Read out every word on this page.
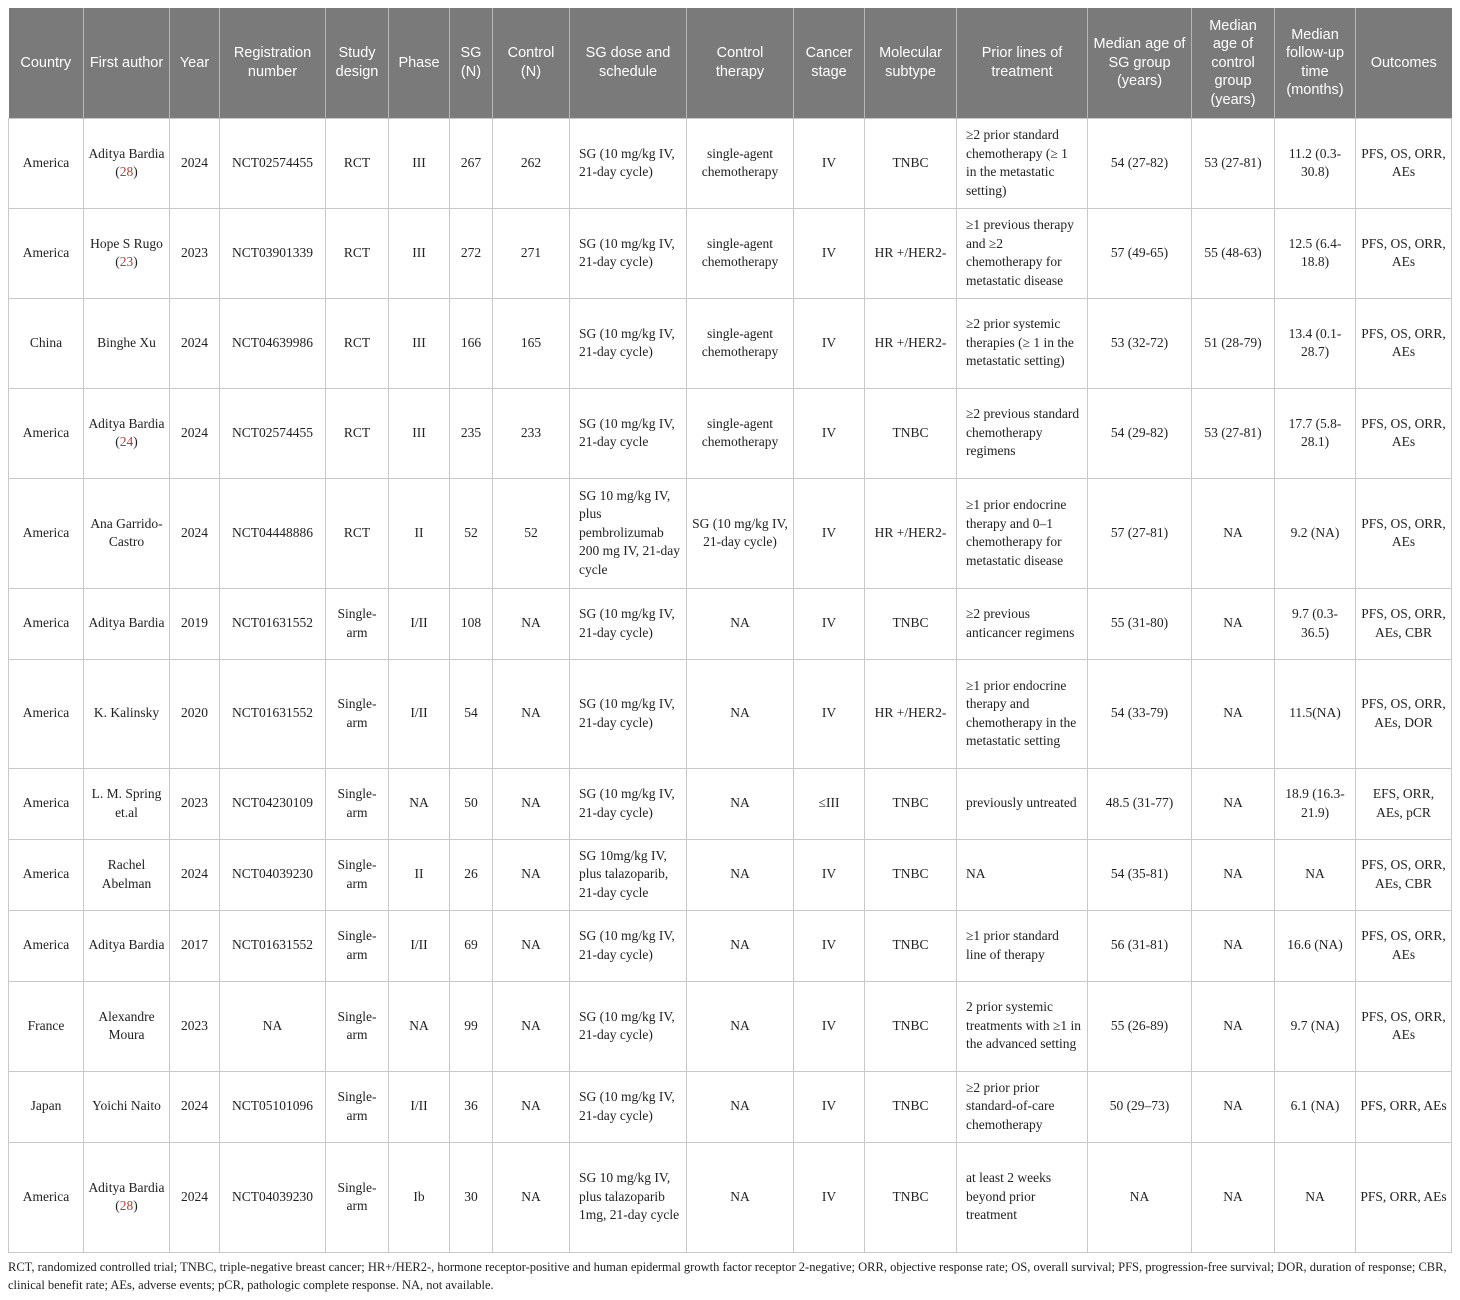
Country	First author	Year	Registration number	Study design	Phase	SG (N)	Control (N)	SG dose and schedule	Control therapy	Cancer stage	Molecular subtype	Prior lines of treatment	Median age of SG group (years)	Median age of control group (years)	Median follow-up time (months)	Outcomes
America	Aditya Bardia (28)	2024	NCT02574455	RCT	III	267	262	SG (10 mg/kg IV, 21-day cycle)	single-agent chemotherapy	IV	TNBC	≥2 prior standard chemotherapy (≥ 1 in the metastatic setting)	54 (27-82)	53 (27-81)	11.2 (0.3-30.8)	PFS, OS, ORR, AEs
America	Hope S Rugo (23)	2023	NCT03901339	RCT	III	272	271	SG (10 mg/kg IV, 21-day cycle)	single-agent chemotherapy	IV	HR +/HER2-	≥1 previous therapy and ≥2 chemotherapy for metastatic disease	57 (49-65)	55 (48-63)	12.5 (6.4-18.8)	PFS, OS, ORR, AEs
China	Binghe Xu	2024	NCT04639986	RCT	III	166	165	SG (10 mg/kg IV, 21-day cycle)	single-agent chemotherapy	IV	HR +/HER2-	≥2 prior systemic therapies (≥ 1 in the metastatic setting)	53 (32-72)	51 (28-79)	13.4 (0.1-28.7)	PFS, OS, ORR, AEs
America	Aditya Bardia (24)	2024	NCT02574455	RCT	III	235	233	SG (10 mg/kg IV, 21-day cycle	single-agent chemotherapy	IV	TNBC	≥2 previous standard chemotherapy regimens	54 (29-82)	53 (27-81)	17.7 (5.8-28.1)	PFS, OS, ORR, AEs
America	Ana Garrido-Castro	2024	NCT04448886	RCT	II	52	52	SG 10 mg/kg IV, plus pembrolizumab 200 mg IV, 21-day cycle	SG (10 mg/kg IV, 21-day cycle)	IV	HR +/HER2-	≥1 prior endocrine therapy and 0–1 chemotherapy for metastatic disease	57 (27-81)	NA	9.2 (NA)	PFS, OS, ORR, AEs
America	Aditya Bardia	2019	NCT01631552	Single-arm	I/II	108	NA	SG (10 mg/kg IV, 21-day cycle)	NA	IV	TNBC	≥2 previous anticancer regimens	55 (31-80)	NA	9.7 (0.3-36.5)	PFS, OS, ORR, AEs, CBR
America	K. Kalinsky	2020	NCT01631552	Single-arm	I/II	54	NA	SG (10 mg/kg IV, 21-day cycle)	NA	IV	HR +/HER2-	≥1 prior endocrine therapy and chemotherapy in the metastatic setting	54 (33-79)	NA	11.5(NA)	PFS, OS, ORR, AEs, DOR
America	L. M. Spring et.al	2023	NCT04230109	Single-arm	NA	50	NA	SG (10 mg/kg IV, 21-day cycle)	NA	≤III	TNBC	previously untreated	48.5 (31-77)	NA	18.9 (16.3-21.9)	EFS, ORR, AEs, pCR
America	Rachel Abelman	2024	NCT04039230	Single-arm	II	26	NA	SG 10mg/kg IV, plus talazoparib, 21-day cycle	NA	IV	TNBC	NA	54 (35-81)	NA	NA	PFS, OS, ORR, AEs, CBR
America	Aditya Bardia	2017	NCT01631552	Single-arm	I/II	69	NA	SG (10 mg/kg IV, 21-day cycle)	NA	IV	TNBC	≥1 prior standard line of therapy	56 (31-81)	NA	16.6 (NA)	PFS, OS, ORR, AEs
France	Alexandre Moura	2023	NA	Single-arm	NA	99	NA	SG (10 mg/kg IV, 21-day cycle)	NA	IV	TNBC	2 prior systemic treatments with ≥1 in the advanced setting	55 (26-89)	NA	9.7 (NA)	PFS, OS, ORR, AEs
Japan	Yoichi Naito	2024	NCT05101096	Single-arm	I/II	36	NA	SG (10 mg/kg IV, 21-day cycle)	NA	IV	TNBC	≥2 prior prior standard-of-care chemotherapy	50 (29–73)	NA	6.1 (NA)	PFS, ORR, AEs
America	Aditya Bardia (28)	2024	NCT04039230	Single-arm	Ib	30	NA	SG 10 mg/kg IV, plus talazoparib 1mg, 21-day cycle	NA	IV	TNBC	at least 2 weeks beyond prior treatment	NA	NA	NA	PFS, ORR, AEs
RCT, randomized controlled trial; TNBC, triple-negative breast cancer; HR+/HER2-, hormone receptor-positive and human epidermal growth factor receptor 2-negative; ORR, objective response rate; OS, overall survival; PFS, progression-free survival; DOR, duration of response; CBR, clinical benefit rate; AEs, adverse events; pCR, pathologic complete response. NA, not available.
